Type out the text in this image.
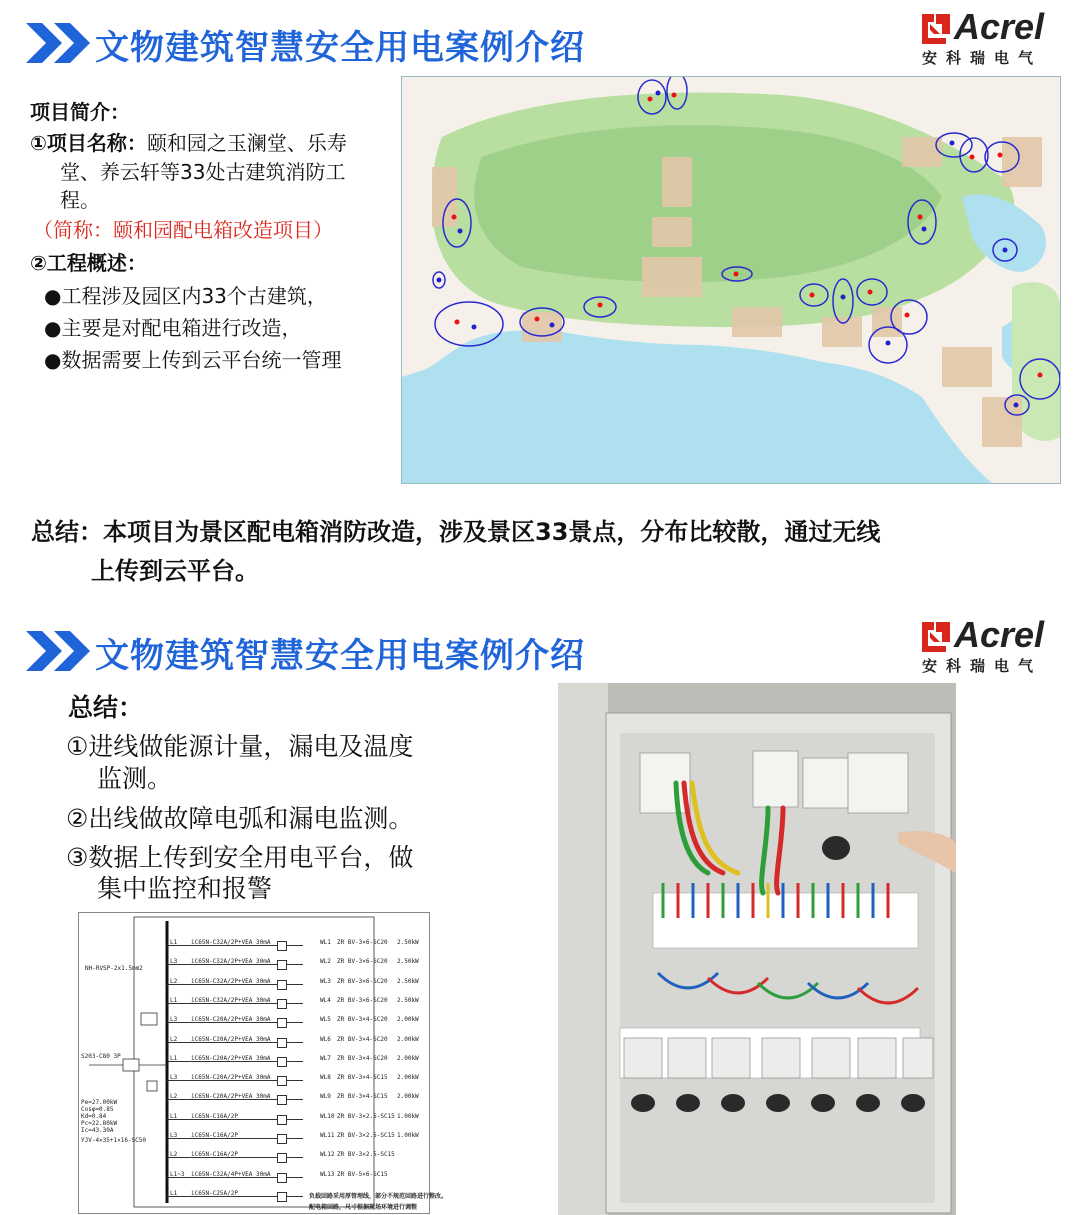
文物建筑智慧安全用电案例介绍
Acrel
安科瑞电气
项目简介：
①项目名称：颐和园之玉澜堂、乐寿
堂、养云轩等33处古建筑消防工
程。
（简称：颐和园配电箱改造项目）
②工程概述：
●工程涉及园区内33个古建筑，
●主要是对配电箱进行改造，
●数据需要上传到云平台统一管理
总结：本项目为景区配电箱消防改造，涉及景区33景点，分布比较散，通过无线
上传到云平台。
文物建筑智慧安全用电案例介绍
Acrel
安科瑞电气
总结：
①进线做能源计量，漏电及温度
监测。
②出线做故障电弧和漏电监测。
③数据上传到安全用电平台，做
集中监控和报警
NH-RVSP-2x1.5mm2
S203-C80 3P
Pe=27.00kW
Cosφ=0.85
Kd=0.84
Pc=22.80kW
Ic=43.30A
YJV-4×35+1×16-SC50
L1 iC65N-C32A/2P+VEA 30mA	WL1 ZR BV-3×6-SC20 2.50kW
L3 iC65N-C32A/2P+VEA 30mA	WL2 ZR BV-3×6-SC20 2.50kW
L2 iC65N-C32A/2P+VEA 30mA	WL3 ZR BV-3×6-SC20 2.50kW
L1 iC65N-C32A/2P+VEA 30mA	WL4 ZR BV-3×6-SC20 2.50kW
L3 iC65N-C20A/2P+VEA 30mA	WL5 ZR BV-3×4-SC20 2.00kW
L2 iC65N-C20A/2P+VEA 30mA	WL6 ZR BV-3×4-SC20 2.00kW
L1 iC65N-C20A/2P+VEA 30mA	WL7 ZR BV-3×4-SC20 2.00kW
L3 iC65N-C20A/2P+VEA 30mA	WL8 ZR BV-3×4-SC15 2.00kW
L2 iC65N-C20A/2P+VEA 30mA	WL9 ZR BV-3×4-SC15 2.00kW
L1 iC65N-C16A/2P	WL10 ZR BV-3×2.5-SC15 1.00kW
L3 iC65N-C16A/2P	WL11 ZR BV-3×2.5-SC15 1.00kW
L2 iC65N-C16A/2P	WL12 ZR BV-3×2.5-SC15
L1~3 iC65N-C32A/4P+VEA 30mA	WL13 ZR BV-5×6-SC15
L1 iC65N-C25A/2P	负载回路采用厚管埋线，部分不规范回路进行整改。
配电箱回路，尺寸根据现场环境进行调整
